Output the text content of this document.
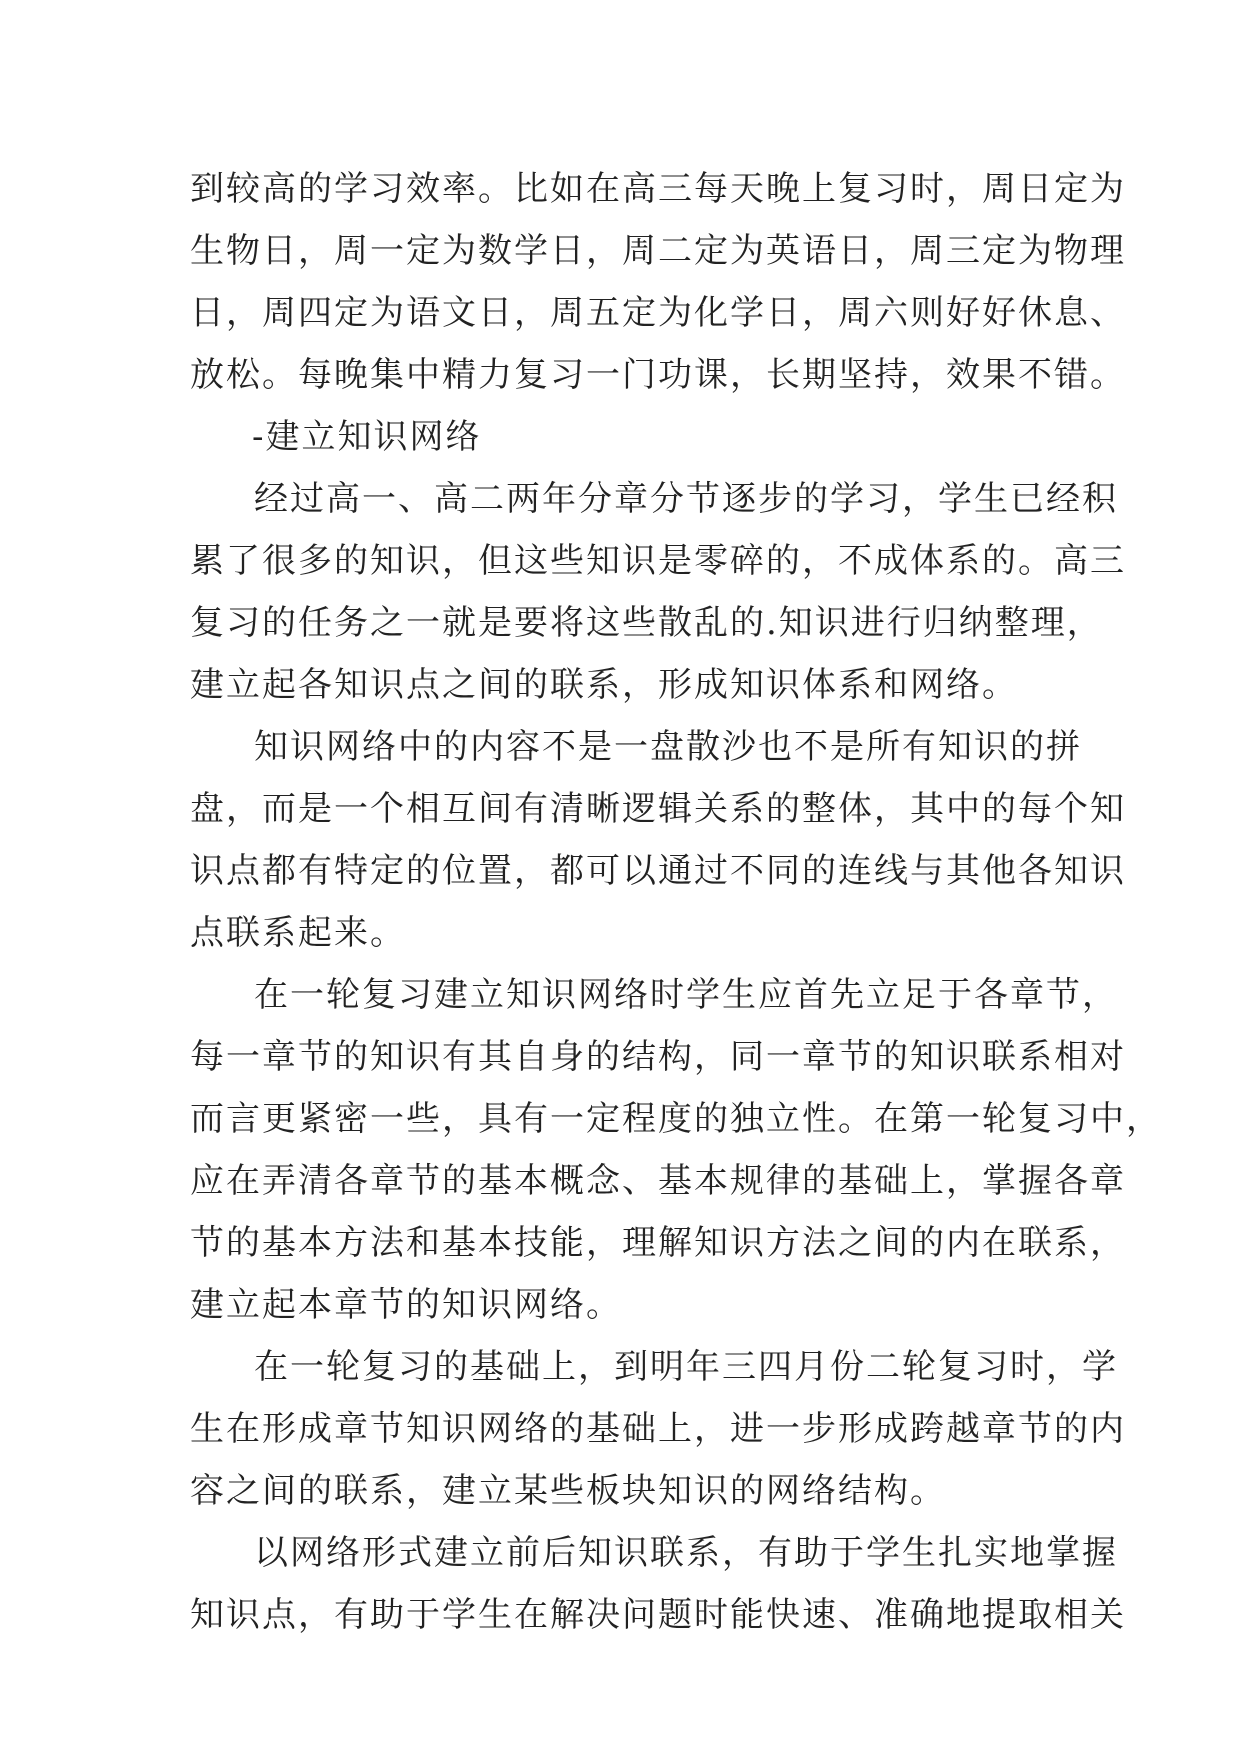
到较高的学习效率。比如在高三每天晚上复习时，周日定为
生物日，周一定为数学日，周二定为英语日，周三定为物理
日，周四定为语文日，周五定为化学日，周六则好好休息、
放松。每晚集中精力复习一门功课，长期坚持，效果不错。
-建立知识网络
经过高一、高二两年分章分节逐步的学习，学生已经积
累了很多的知识，但这些知识是零碎的，不成体系的。高三
复习的任务之一就是要将这些散乱的.知识进行归纳整理，
建立起各知识点之间的联系，形成知识体系和网络。
知识网络中的内容不是一盘散沙也不是所有知识的拼
盘，而是一个相互间有清晰逻辑关系的整体，其中的每个知
识点都有特定的位置，都可以通过不同的连线与其他各知识
点联系起来。
在一轮复习建立知识网络时学生应首先立足于各章节，
每一章节的知识有其自身的结构，同一章节的知识联系相对
而言更紧密一些，具有一定程度的独立性。在第一轮复习中，
应在弄清各章节的基本概念、基本规律的基础上，掌握各章
节的基本方法和基本技能，理解知识方法之间的内在联系，
建立起本章节的知识网络。
在一轮复习的基础上，到明年三四月份二轮复习时，学
生在形成章节知识网络的基础上，进一步形成跨越章节的内
容之间的联系，建立某些板块知识的网络结构。
以网络形式建立前后知识联系，有助于学生扎实地掌握
知识点，有助于学生在解决问题时能快速、准确地提取相关
